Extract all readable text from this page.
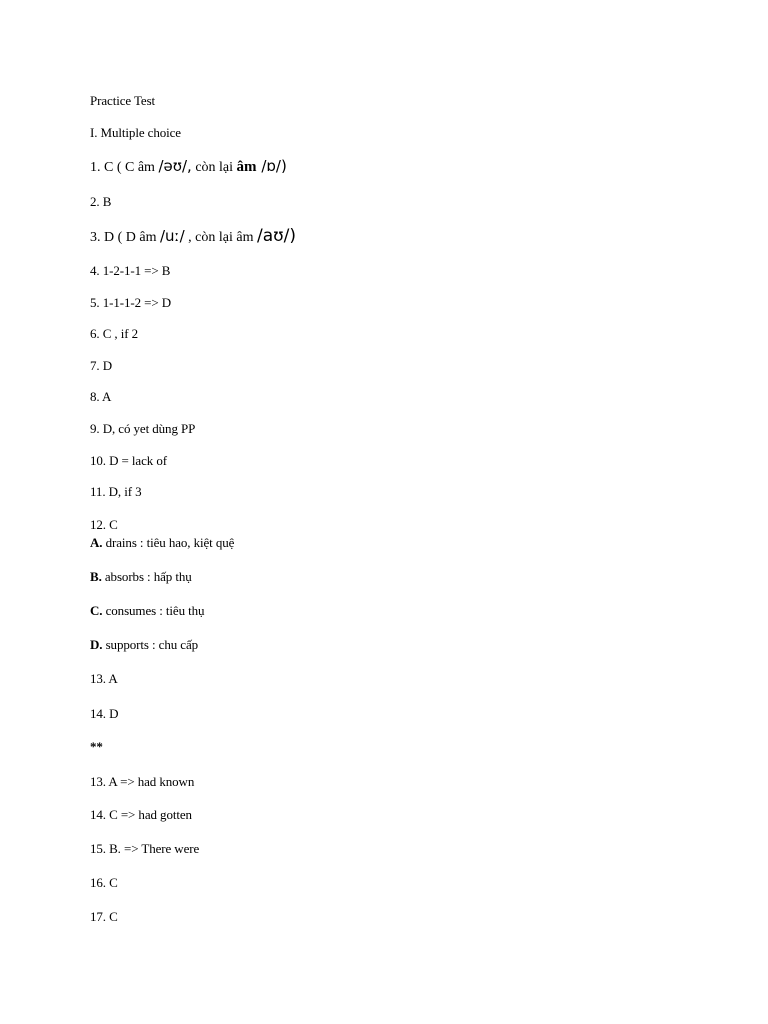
Practice Test
I. Multiple choice
1. C ( C âm /əʊ/, còn lại âm /ɒ/)
2. B
3. D ( D âm /uː/ , còn lại âm /aʊ/)
4. 1-2-1-1 => B
5. 1-1-1-2 => D
6. C , if 2
7. D
8. A
9. D, có yet dùng PP
10. D = lack of
11. D, if 3
12. C
A. drains : tiêu hao, kiệt quệ
B. absorbs : hấp thụ
C. consumes : tiêu thụ
D. supports : chu cấp
13. A
14. D
**
13. A => had known
14. C => had gotten
15. B. => There were
16. C
17. C
